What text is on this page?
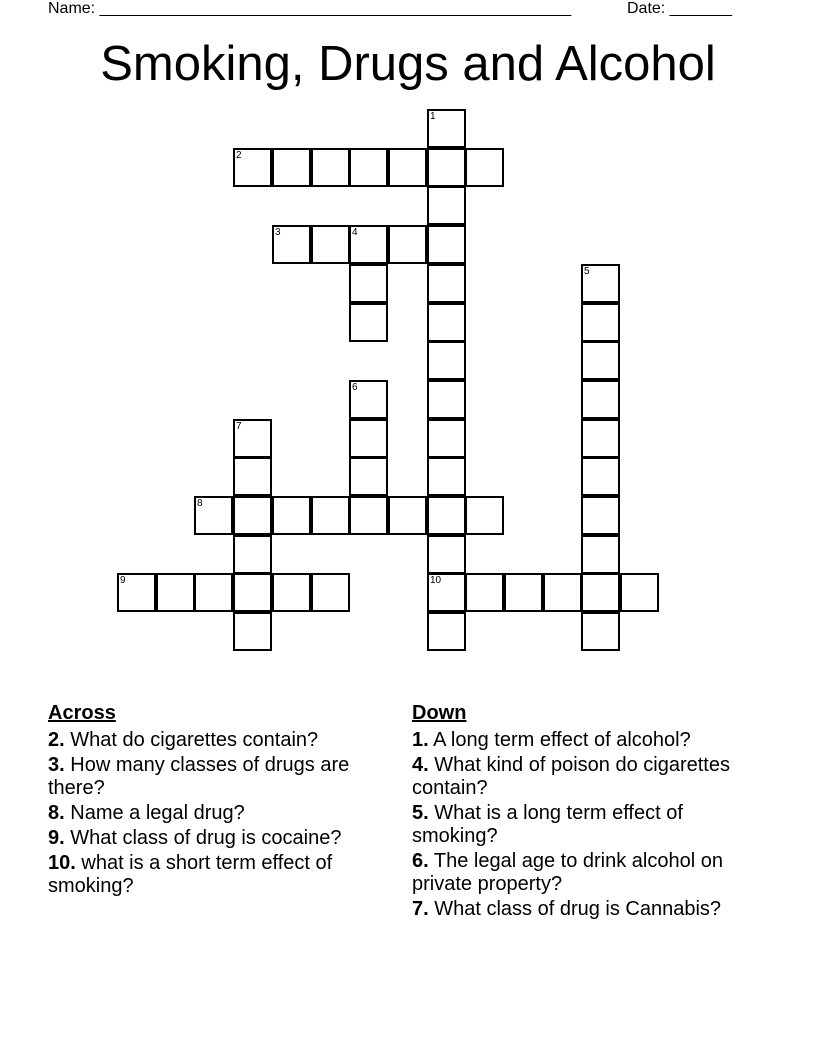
Name: _____________________________________________________	Date: _______
Smoking, Drugs and Alcohol
1
10
2
3	4
5
6
7
8
9
Across
2. What do cigarettes contain?
3. How many classes of drugs are there?
8. Name a legal drug?
9. What class of drug is cocaine?
10. what is a short term effect of smoking?
Down
1. A long term effect of alcohol?
4. What kind of poison do cigarettes contain?
5. What is a long term effect of smoking?
6. The legal age to drink alcohol on private property?
7. What class of drug is Cannabis?
